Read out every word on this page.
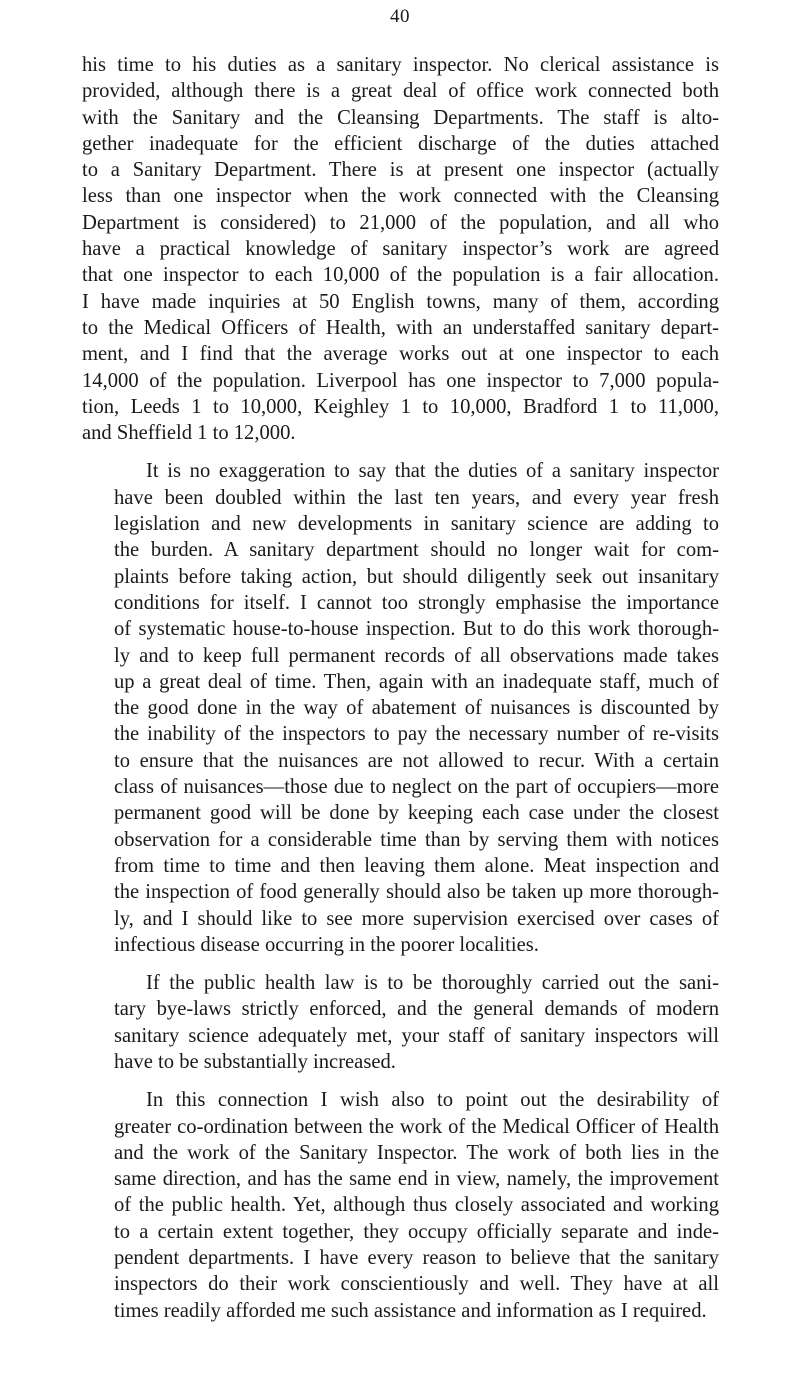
40

his time to his duties as a sanitary inspector. No clerical assistance is
provided, although there is a great deal of office work connected both
with the Sanitary and the Cleansing Departments. The staff is alto-
gether inadequate for the efficient discharge of the duties attached
to a Sanitary Department. There is at present one inspector (actually
less than one inspector when the work connected with the Cleansing
Department is considered) to 21,000 of the population, and all who
have a practical knowledge of sanitary inspector’s work are agreed
that one inspector to each 10,000 of the population is a fair allocation.
I have made inquiries at 50 English towns, many of them, according
to the Medical Officers of Health, with an understaffed sanitary depart-
ment, and I find that the average works out at one inspector to each
14,000 of the population. Liverpool has one inspector to 7,000 popula-
tion, Leeds 1 to 10,000, Keighley 1 to 10,000, Bradford 1 to 11,000,
and Sheffield 1 to 12,000.

It is no exaggeration to say that the duties of a sanitary inspector
have been doubled within the last ten years, and every year fresh
legislation and new developments in sanitary science are adding to
the burden. A sanitary department should no longer wait for com-
plaints before taking action, but should diligently seek out insanitary
conditions for itself. I cannot too strongly emphasise the importance
of systematic house-to-house inspection. But to do this work thorough-
ly and to keep full permanent records of all observations made takes
up a great deal of time. Then, again with an inadequate staff, much of
the good done in the way of abatement of nuisances is discounted by
the inability of the inspectors to pay the necessary number of re-visits
to ensure that the nuisances are not allowed to recur. With a certain
class of nuisances—those due to neglect on the part of occupiers—more
permanent good will be done by keeping each case under the closest
observation for a considerable time than by serving them with notices
from time to time and then leaving them alone. Meat inspection and
the inspection of food generally should also be taken up more thorough-
ly, and I should like to see more supervision exercised over cases of
infectious disease occurring in the poorer localities.

If the public health law is to be thoroughly carried out the sani-
tary bye-laws strictly enforced, and the general demands of modern
sanitary science adequately met, your staff of sanitary inspectors will
have to be substantially increased.

In this connection I wish also to point out the desirability of
greater co-ordination between the work of the Medical Officer of Health
and the work of the Sanitary Inspector. The work of both lies in the
same direction, and has the same end in view, namely, the improvement
of the public health. Yet, although thus closely associated and working
to a certain extent together, they occupy officially separate and inde-
pendent departments. I have every reason to believe that the sanitary
inspectors do their work conscientiously and well. They have at all
times readily afforded me such assistance and information as I required.
